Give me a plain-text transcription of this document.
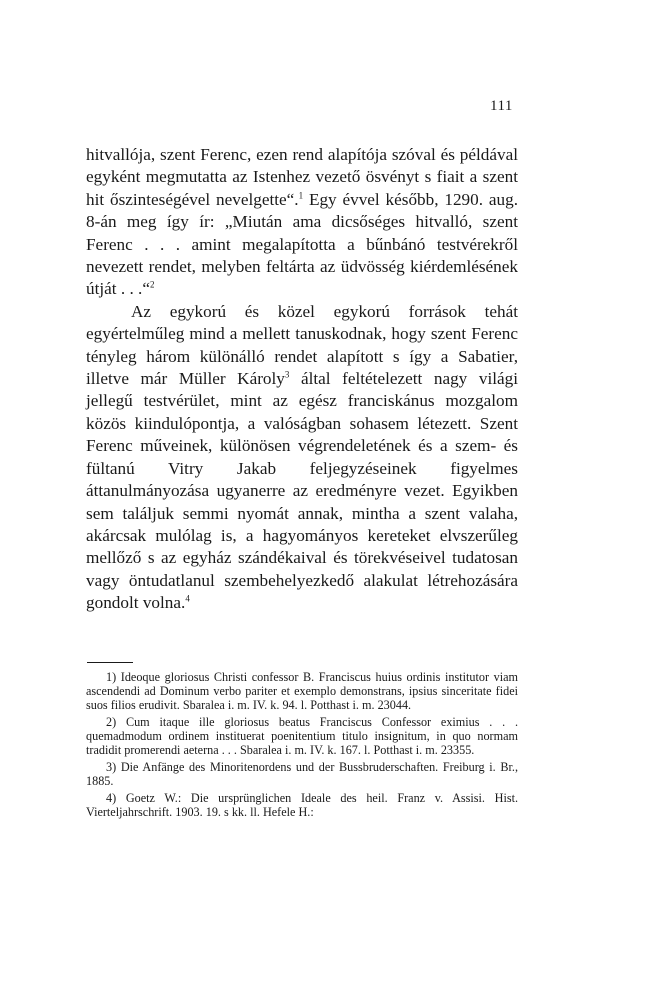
111

hitvallója, szent Ferenc, ezen rend alapítója szóval és példával egyként megmutatta az Istenhez vezető ösvényt s fiait a szent hit őszinteségével nevelgette“.$^1$ Egy évvel később, 1290. aug. 8-án meg így ír: „Miután ama dicsőséges hitvalló, szent Ferenc . . . amint megalapította a bűnbánó testvérekről nevezett rendet, melyben feltárta az üdvösség kiérdemlésének útját . . .“$^2$

Az egykorú és közel egykorú források tehát egyértelműleg mind a mellett tanuskodnak, hogy szent Ferenc tényleg három különálló rendet alapított s így a Sabatier, illetve már Müller Károly$^3$ által feltételezett nagy világi jellegű testvérület, mint az egész franciskánus mozgalom közös kiindulópontja, a valóságban sohasem létezett. Szent Ferenc műveinek, különösen végrendeletének és a szem- és fültanú Vitry Jakab feljegyzéseinek figyelmes áttanulmányozása ugyanerre az eredményre vezet. Egyikben sem találjuk semmi nyomát annak, mintha a szent valaha, akárcsak mulólag is, a hagyományos kereteket elvszerűleg mellőző s az egyház szándékaival és törekvéseivel tudatosan vagy öntudatlanul szembehelyezkedő alakulat létrehozására gondolt volna.$^4$

1) Ideoque gloriosus Christi confessor B. Franciscus huius ordinis institutor viam ascendendi ad Dominum verbo pariter et exemplo demonstrans, ipsius sinceritate fidei suos filios erudivit. Sbaralea i. m. IV. k. 94. l. Potthast i. m. 23044.

2) Cum itaque ille gloriosus beatus Franciscus Confessor eximius . . . quemadmodum ordinem instituerat poenitentium titulo insignitum, in quo normam tradidit promerendi aeterna . . . Sbaralea i. m. IV. k. 167. l. Potthast i. m. 23355.

3) Die Anfänge des Minoritenordens und der Bussbruderschaften. Freiburg i. Br., 1885.

4) Goetz W.: Die ursprünglichen Ideale des heil. Franz v. Assisi. Hist. Vierteljahrschrift. 1903. 19. s kk. ll. Hefele H.:
